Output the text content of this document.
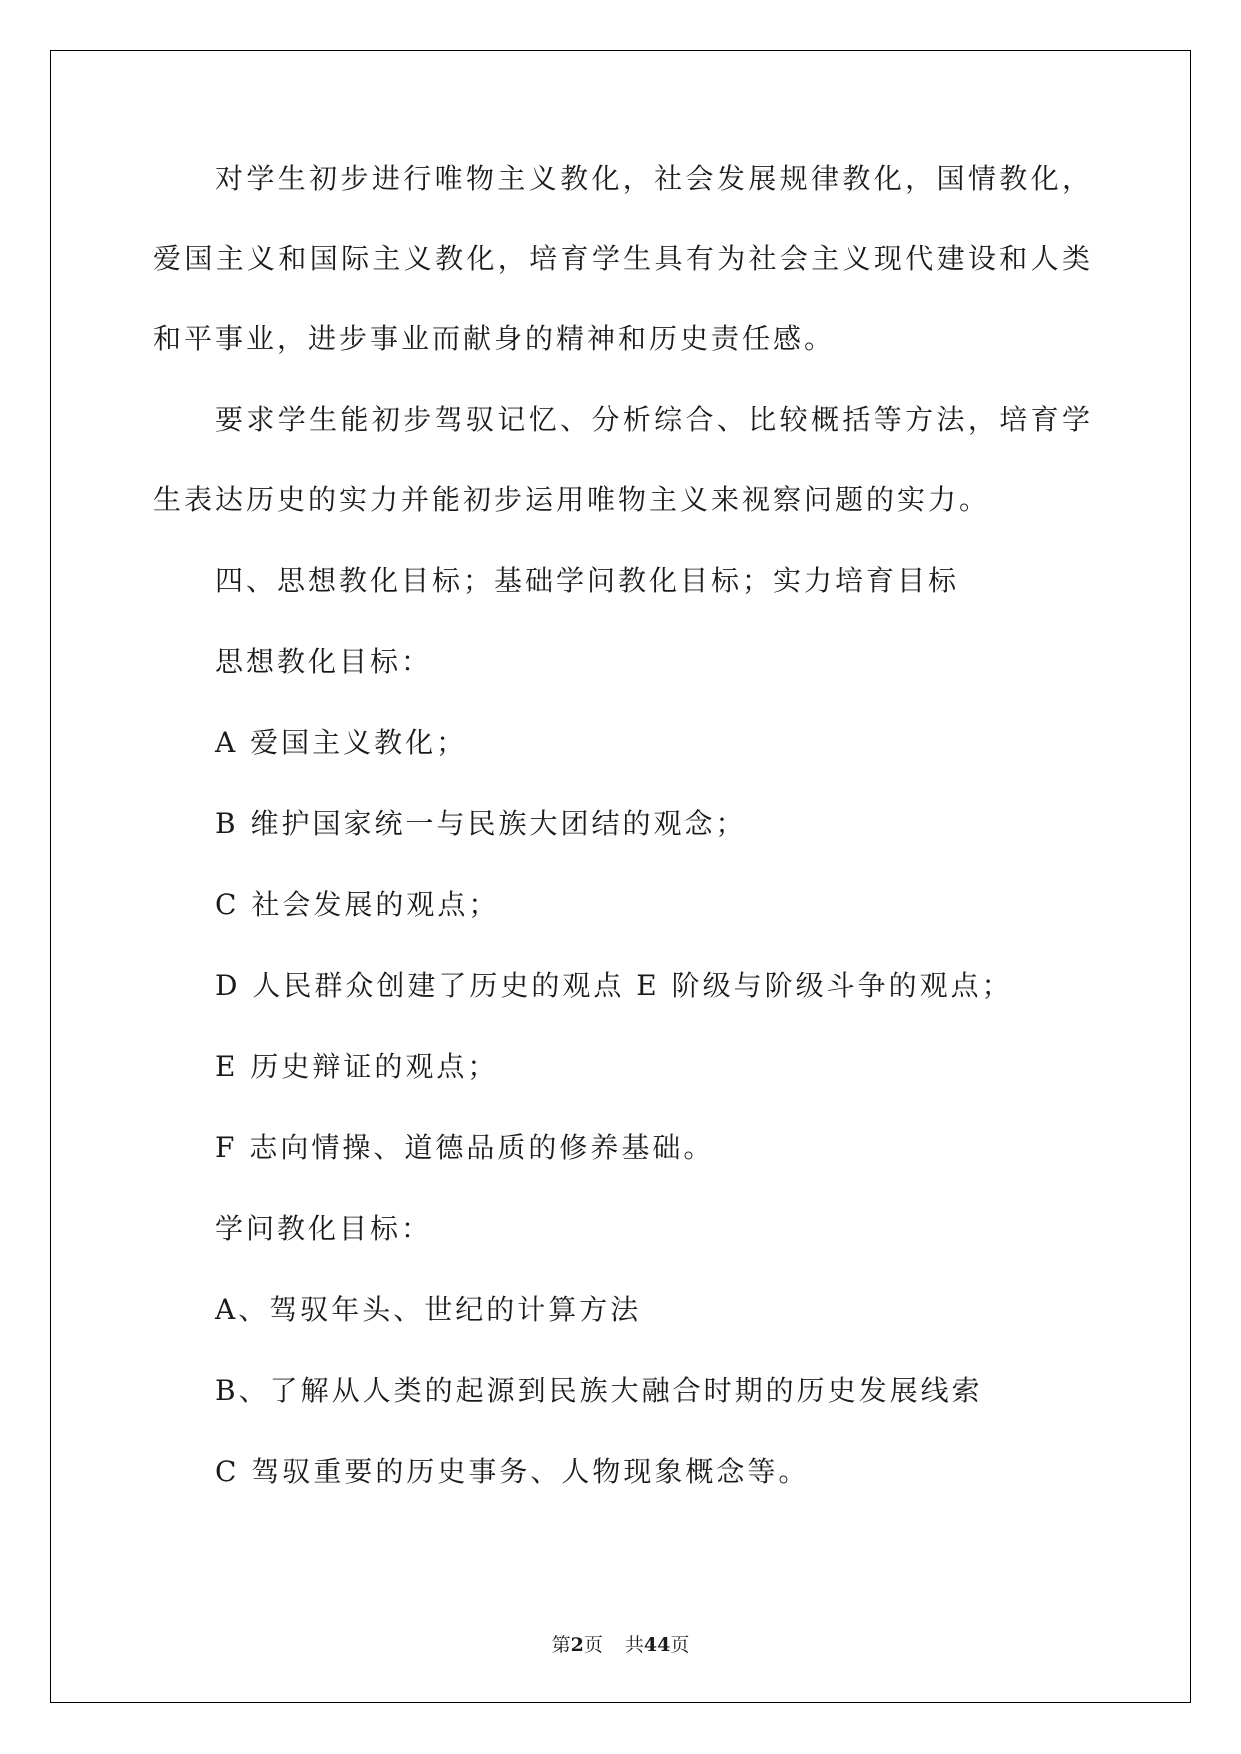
对学生初步进行唯物主义教化，社会发展规律教化，国情教化，爱国主义和国际主义教化，培育学生具有为社会主义现代建设和人类和平事业，进步事业而献身的精神和历史责任感。

要求学生能初步驾驭记忆、分析综合、比较概括等方法，培育学生表达历史的实力并能初步运用唯物主义来视察问题的实力。

四、思想教化目标；基础学问教化目标；实力培育目标

思想教化目标：

A 爱国主义教化；

B 维护国家统一与民族大团结的观念；

C 社会发展的观点；

D 人民群众创建了历史的观点 E 阶级与阶级斗争的观点；

E 历史辩证的观点；

F 志向情操、道德品质的修养基础。

学问教化目标：

A、驾驭年头、世纪的计算方法

B、了解从人类的起源到民族大融合时期的历史发展线索

C 驾驭重要的历史事务、人物现象概念等。

第2页 共44页
